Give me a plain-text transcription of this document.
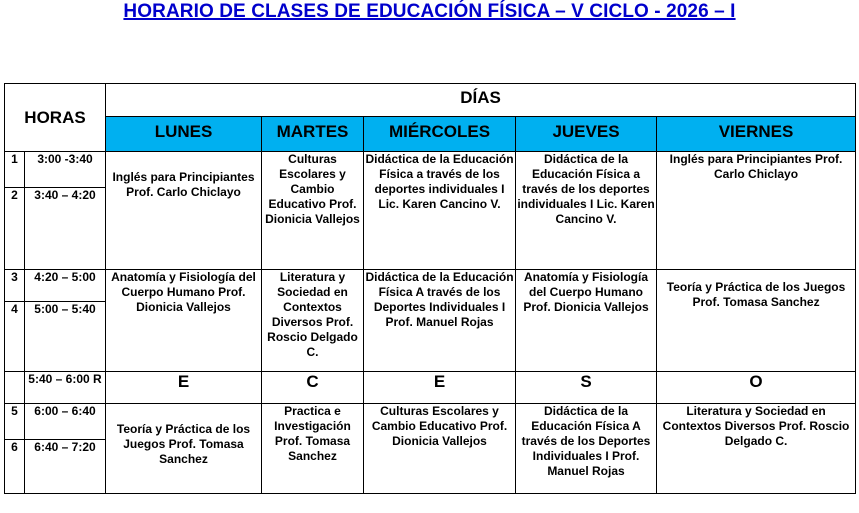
HORARIO DE CLASES DE EDUCACIÓN FÍSICA – V CICLO - 2026 – I
HORAS		DÍAS				
		LUNES	MARTES	MIÉRCOLES	JUEVES	VIERNES
1	3:00 -3:40	Inglés para Principiantes Prof. Carlo Chiclayo	Culturas Escolares y Cambio Educativo Prof. Dionicia Vallejos	Didáctica de la Educación Física a través de los deportes individuales I Lic. Karen Cancino V.	Didáctica de la Educación Física a través de los deportes individuales I Lic. Karen Cancino V.	Inglés para Principiantes Prof. Carlo Chiclayo
2	3:40 – 4:20					
3	4:20 – 5:00	Anatomía y Fisiología del Cuerpo Humano Prof. Dionicia Vallejos	Literatura y Sociedad en Contextos Diversos Prof. Roscio Delgado C.	Didáctica de la Educación Física A través de los Deportes Individuales I Prof. Manuel Rojas	Anatomía y Fisiología del Cuerpo Humano Prof. Dionicia Vallejos	Teoría y Práctica de los Juegos Prof. Tomasa Sanchez
4	5:00 – 5:40					
	5:40 – 6:00 R	E	C	E	S	O
5	6:00 – 6:40	Teoría y Práctica de los Juegos Prof. Tomasa Sanchez	Practica e Investigación Prof. Tomasa Sanchez	Culturas Escolares y Cambio Educativo Prof. Dionicia Vallejos	Didáctica de la Educación Física A través de los Deportes Individuales I Prof. Manuel Rojas	Literatura y Sociedad en Contextos Diversos Prof. Roscio Delgado C.
6	6:40 – 7:20					
